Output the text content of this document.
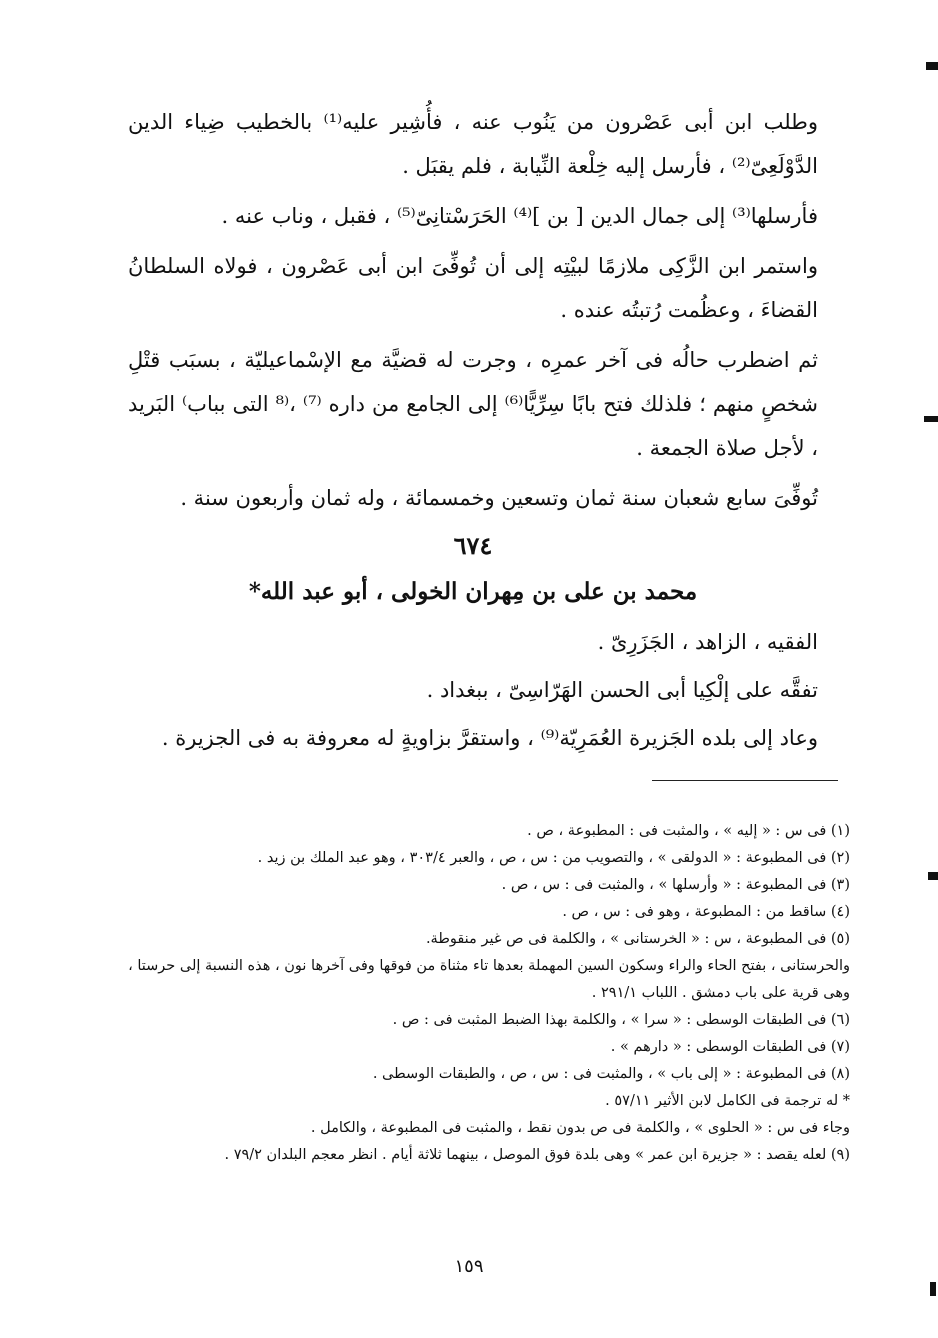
وطلب ابن أبى عَصْرون من يَنُوب عنه ، فأُشِير عليه⁽¹⁾ بالخطيب ضِياء الدين الدَّوْلَعِىّ⁽²⁾ ، فأرسل إليه خِلْعة النِّيابة ، فلم يقبَل .

فأرسلها⁽³⁾ إلى جمال الدين [ بن ]⁽⁴⁾ الحَرَسْتانِىّ⁽⁵⁾ ، فقبل ، وناب عنه .

واستمر ابن الزَّكِى ملازمًا لبيْتِه إلى أن تُوفِّىَ ابن أبى عَصْرون ، فولاه السلطانُ القضاءَ ، وعظُمت رُتبتُه عنده .

ثم اضطرب حالُه فى آخر عمرِه ، وجرت له قضيَّة مع الإسْماعيليّة ، بسبَب قتْلِ شخصٍ منهم ؛ فلذلك فتح بابًا سِرِّيًّا⁽⁶⁾ إلى الجامع من داره ⁽⁷⁾ ،⁽⁸ التى بباب⁾ البَريد ، لأجل صلاة الجمعة .

تُوفِّىَ سابع شعبان سنة ثمان وتسعين وخمسمائة ، وله ثمان وأربعون سنة .

٦٧٤
محمد بن على بن مِهران الخولى ، أبو عبد الله*

الفقيه ، الزاهد ، الجَزَرِىّ .

تفقَّه على إلْكِيا أبى الحسن الهَرّاسِىّ ، ببغداد .

وعاد إلى بلده الجَزيرة العُمَرِيّة⁽⁹⁾ ، واستقرَّ بزاويةٍ له معروفة به فى الجزيرة .

(١) فى س : « إليه » ، والمثبت فى : المطبوعة ، ص .

(٢) فى المطبوعة : « الدولقى » ، والتصويب من : س ، ص ، والعبر ٣٠٣/٤ ، وهو عبد الملك بن زيد .

(٣) فى المطبوعة : « وأرسلها » ، والمثبت فى : س ، ص .

(٤) ساقط من : المطبوعة ، وهو فى : س ، ص .

(٥) فى المطبوعة ، س : « الخرستانى » ، والكلمة فى ص غير منقوطة.

والحرستانى ، بفتح الحاء والراء وسكون السين المهملة بعدها تاء مثناة من فوقها وفى آخرها نون ، هذه النسبة إلى حرستا ، وهى قرية على باب دمشق . اللباب ٢٩١/١ .

(٦) فى الطبقات الوسطى : « سرا » ، والكلمة بهذا الضبط المثبت فى : ص .

(٧) فى الطبقات الوسطى : « دارهم » .

(٨) فى المطبوعة : « إلى باب » ، والمثبت فى : س ، ص ، والطبقات الوسطى .

* له ترجمة فى الكامل لابن الأثير ٥٧/١١ .

وجاء فى س : « الحلوى » ، والكلمة فى ص بدون نقط ، والمثبت فى المطبوعة ، والكامل .

(٩) لعله يقصد : « جزيرة ابن عمر » وهى بلدة فوق الموصل ، بينهما ثلاثة أيام . انظر معجم البلدان ٧٩/٢ .

١٥٩
